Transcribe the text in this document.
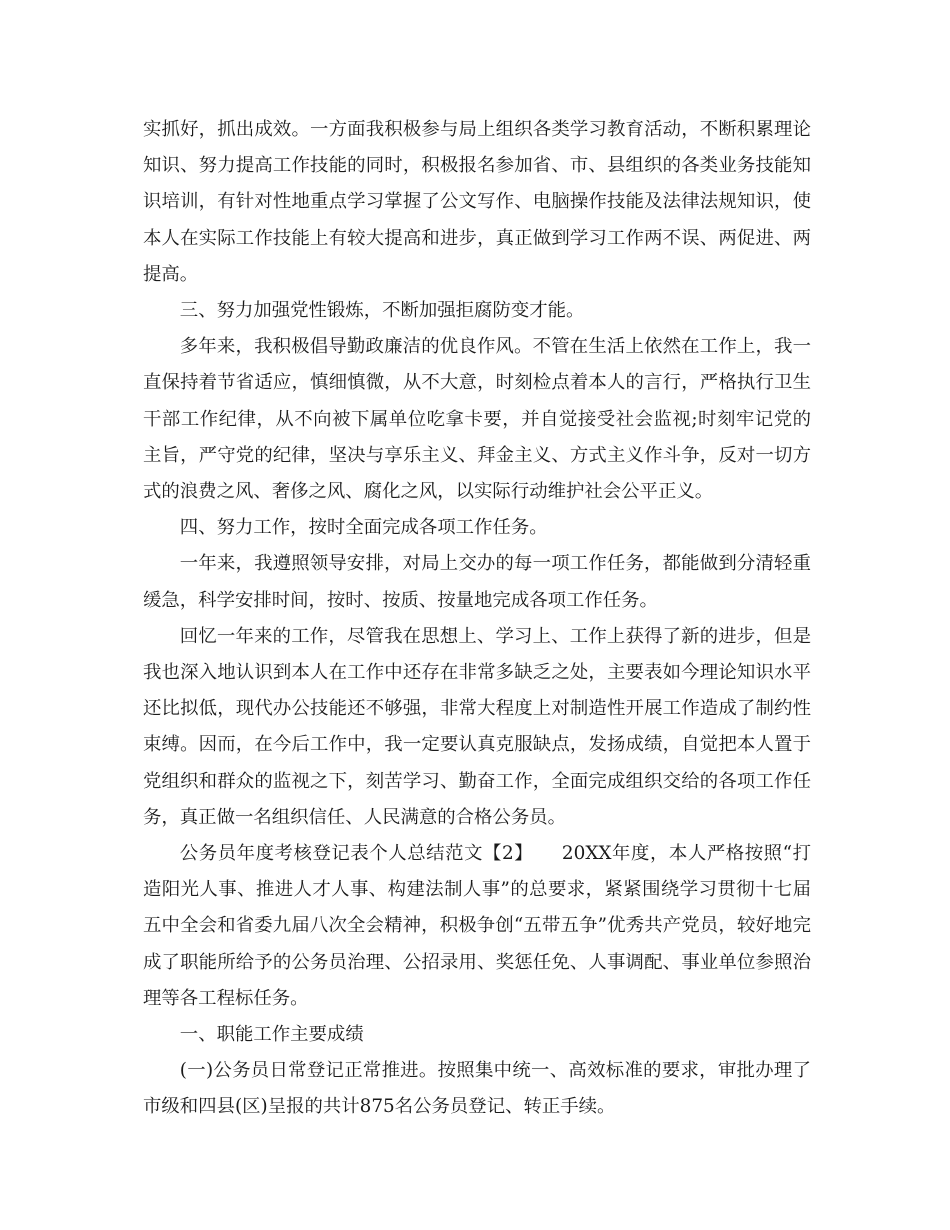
实抓好，抓出成效。一方面我积极参与局上组织各类学习教育活动，不断积累理论知识、努力提高工作技能的同时，积极报名参加省、市、县组织的各类业务技能知识培训，有针对性地重点学习掌握了公文写作、电脑操作技能及法律法规知识，使本人在实际工作技能上有较大提高和进步，真正做到学习工作两不误、两促进、两提高。

三、努力加强党性锻炼，不断加强拒腐防变才能。

多年来，我积极倡导勤政廉洁的优良作风。不管在生活上依然在工作上，我一直保持着节省适应，慎细慎微，从不大意，时刻检点着本人的言行，严格执行卫生干部工作纪律，从不向被下属单位吃拿卡要，并自觉接受社会监视;时刻牢记党的主旨，严守党的纪律，坚决与享乐主义、拜金主义、方式主义作斗争，反对一切方式的浪费之风、奢侈之风、腐化之风，以实际行动维护社会公平正义。

四、努力工作，按时全面完成各项工作任务。

一年来，我遵照领导安排，对局上交办的每一项工作任务，都能做到分清轻重缓急，科学安排时间，按时、按质、按量地完成各项工作任务。

回忆一年来的工作，尽管我在思想上、学习上、工作上获得了新的进步，但是我也深入地认识到本人在工作中还存在非常多缺乏之处，主要表如今理论知识水平还比拟低，现代办公技能还不够强，非常大程度上对制造性开展工作造成了制约性束缚。因而，在今后工作中，我一定要认真克服缺点，发扬成绩，自觉把本人置于党组织和群众的监视之下，刻苦学习、勤奋工作，全面完成组织交给的各项工作任务，真正做一名组织信任、人民满意的合格公务员。

公务员年度考核登记表个人总结范文【2】　　20XX年度，本人严格按照“打造阳光人事、推进人才人事、构建法制人事”的总要求，紧紧围绕学习贯彻十七届五中全会和省委九届八次全会精神，积极争创“五带五争”优秀共产党员，较好地完成了职能所给予的公务员治理、公招录用、奖惩任免、人事调配、事业单位参照治理等各工程标任务。

一、职能工作主要成绩

(一)公务员日常登记正常推进。按照集中统一、高效标准的要求，审批办理了市级和四县(区)呈报的共计875名公务员登记、转正手续。
